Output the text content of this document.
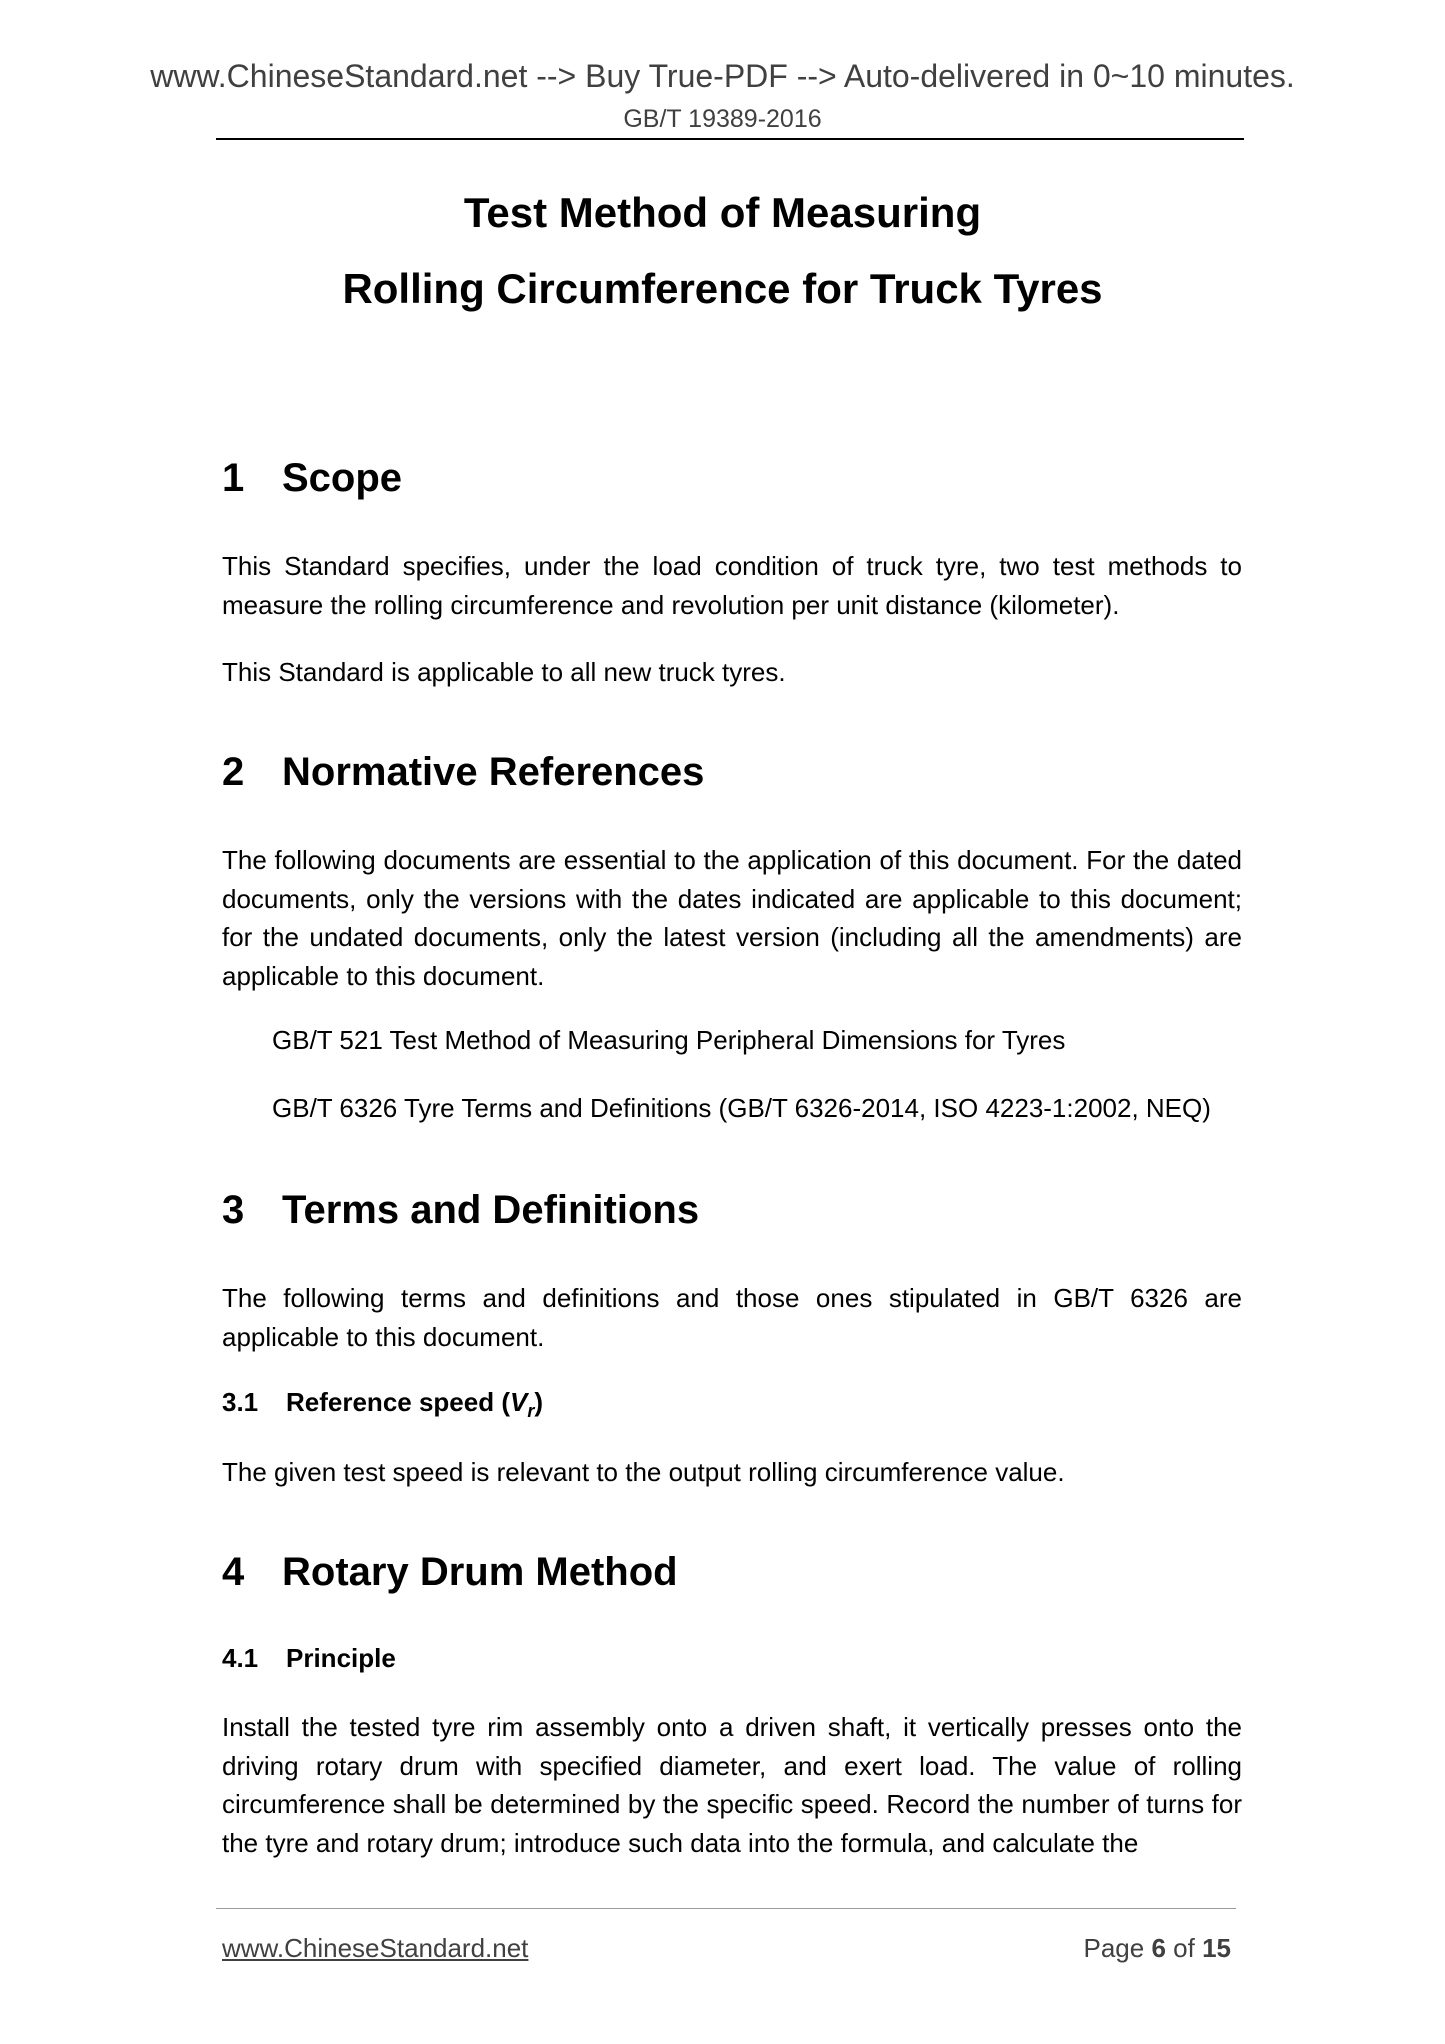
www.ChineseStandard.net --> Buy True-PDF --> Auto-delivered in 0~10 minutes.
GB/T 19389-2016
Test Method of Measuring
Rolling Circumference for Truck Tyres
1 Scope

This Standard specifies, under the load condition of truck tyre, two test methods to measure the rolling circumference and revolution per unit distance (kilometer).

This Standard is applicable to all new truck tyres.

2 Normative References

The following documents are essential to the application of this document. For the dated documents, only the versions with the dates indicated are applicable to this document; for the undated documents, only the latest version (including all the amendments) are applicable to this document.

GB/T 521 Test Method of Measuring Peripheral Dimensions for Tyres
GB/T 6326 Tyre Terms and Definitions (GB/T 6326-2014, ISO 4223-1:2002, NEQ)
3 Terms and Definitions

The following terms and definitions and those ones stipulated in GB/T 6326 are applicable to this document.

3.1 Reference speed $(V_r)$

The given test speed is relevant to the output rolling circumference value.

4 Rotary Drum Method
4.1 Principle

Install the tested tyre rim assembly onto a driven shaft, it vertically presses onto the driving rotary drum with specified diameter, and exert load. The value of rolling circumference shall be determined by the specific speed. Record the number of turns for the tyre and rotary drum; introduce such data into the formula, and calculate the

www.ChineseStandard.net	Page 6 of 15
